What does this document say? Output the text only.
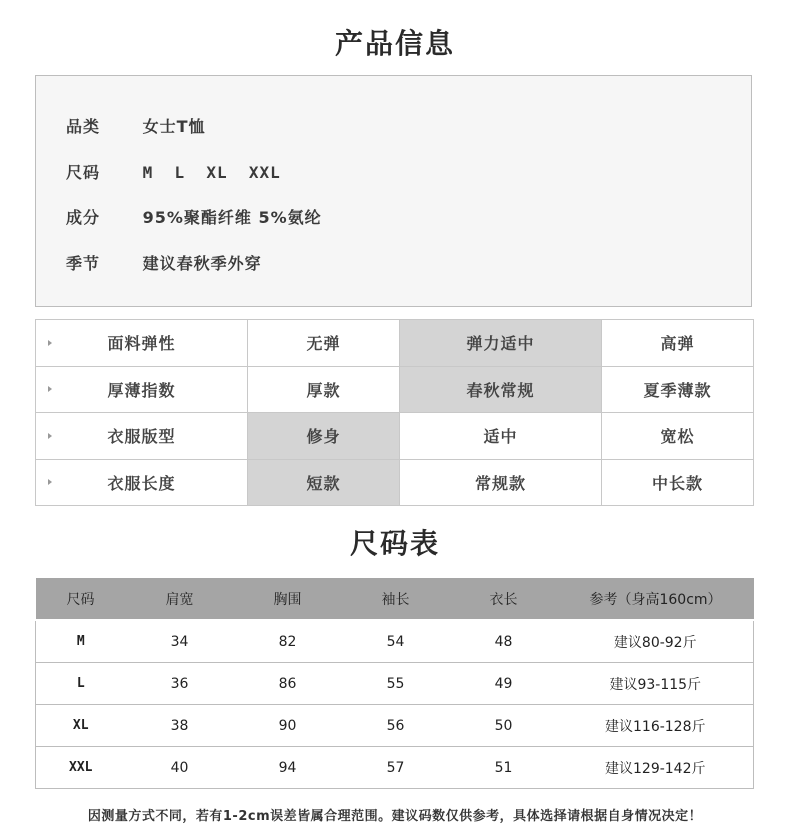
产品信息
品类	女士T恤
尺码	M  L  XL  XXL
成分	95%聚酯纤维 5%氨纶
季节	建议春秋季外穿
面料弹性	无弹	弹力适中	高弹

厚薄指数	厚款	春秋常规	夏季薄款

衣服版型	修身	适中	宽松

衣服长度	短款	常规款	中长款
尺码表
尺码	肩宽	胸围	袖长	衣长	参考（身高160cm）

M	34	82	54	48	建议80-92斤
L	36	86	55	49	建议93-115斤
XL	38	90	56	50	建议116-128斤
XXL	40	94	57	51	建议129-142斤
因测量方式不同，若有1-2cm误差皆属合理范围。建议码数仅供参考，具体选择请根据自身情况决定！
